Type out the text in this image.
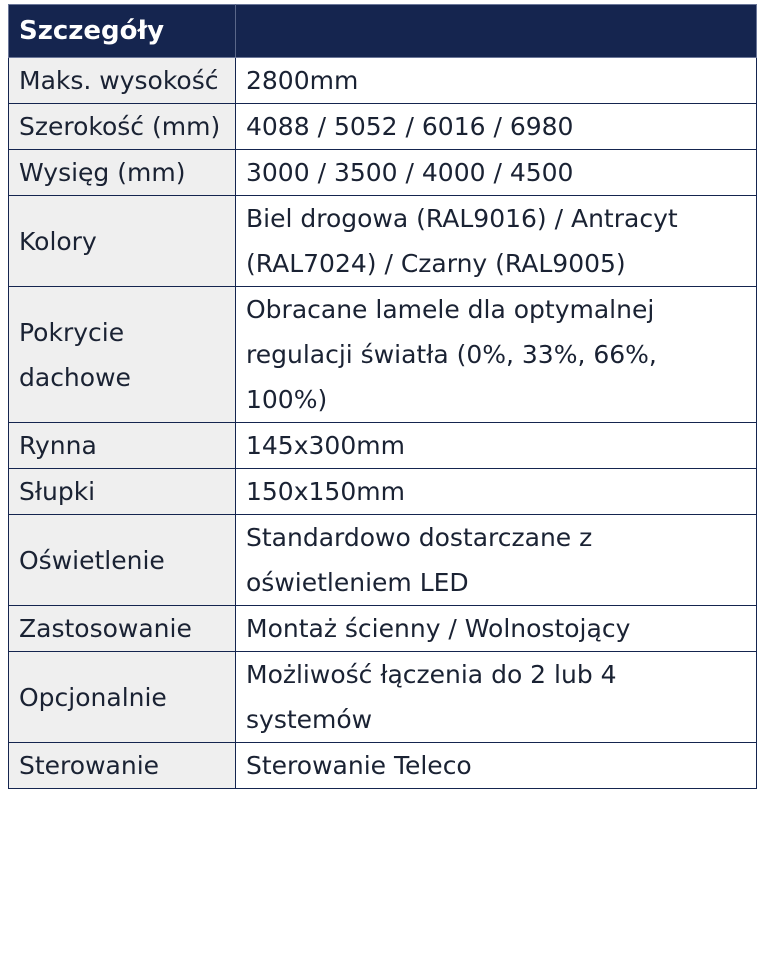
Szczegóły	
Maks. wysokość	2800mm
Szerokość (mm)	4088 / 5052 / 6016 / 6980
Wysięg (mm)	3000 / 3500 / 4000 / 4500
Kolory	Biel drogowa (RAL9016) / Antracyt (RAL7024) / Czarny (RAL9005)
Pokrycie dachowe	Obracane lamele dla optymalnej regulacji światła (0%, 33%, 66%, 100%)
Rynna	145x300mm
Słupki	150x150mm
Oświetlenie	Standardowo dostarczane z oświetleniem LED
Zastosowanie	Montaż ścienny / Wolnostojący
Opcjonalnie	Możliwość łączenia do 2 lub 4 systemów
Sterowanie	Sterowanie Teleco
